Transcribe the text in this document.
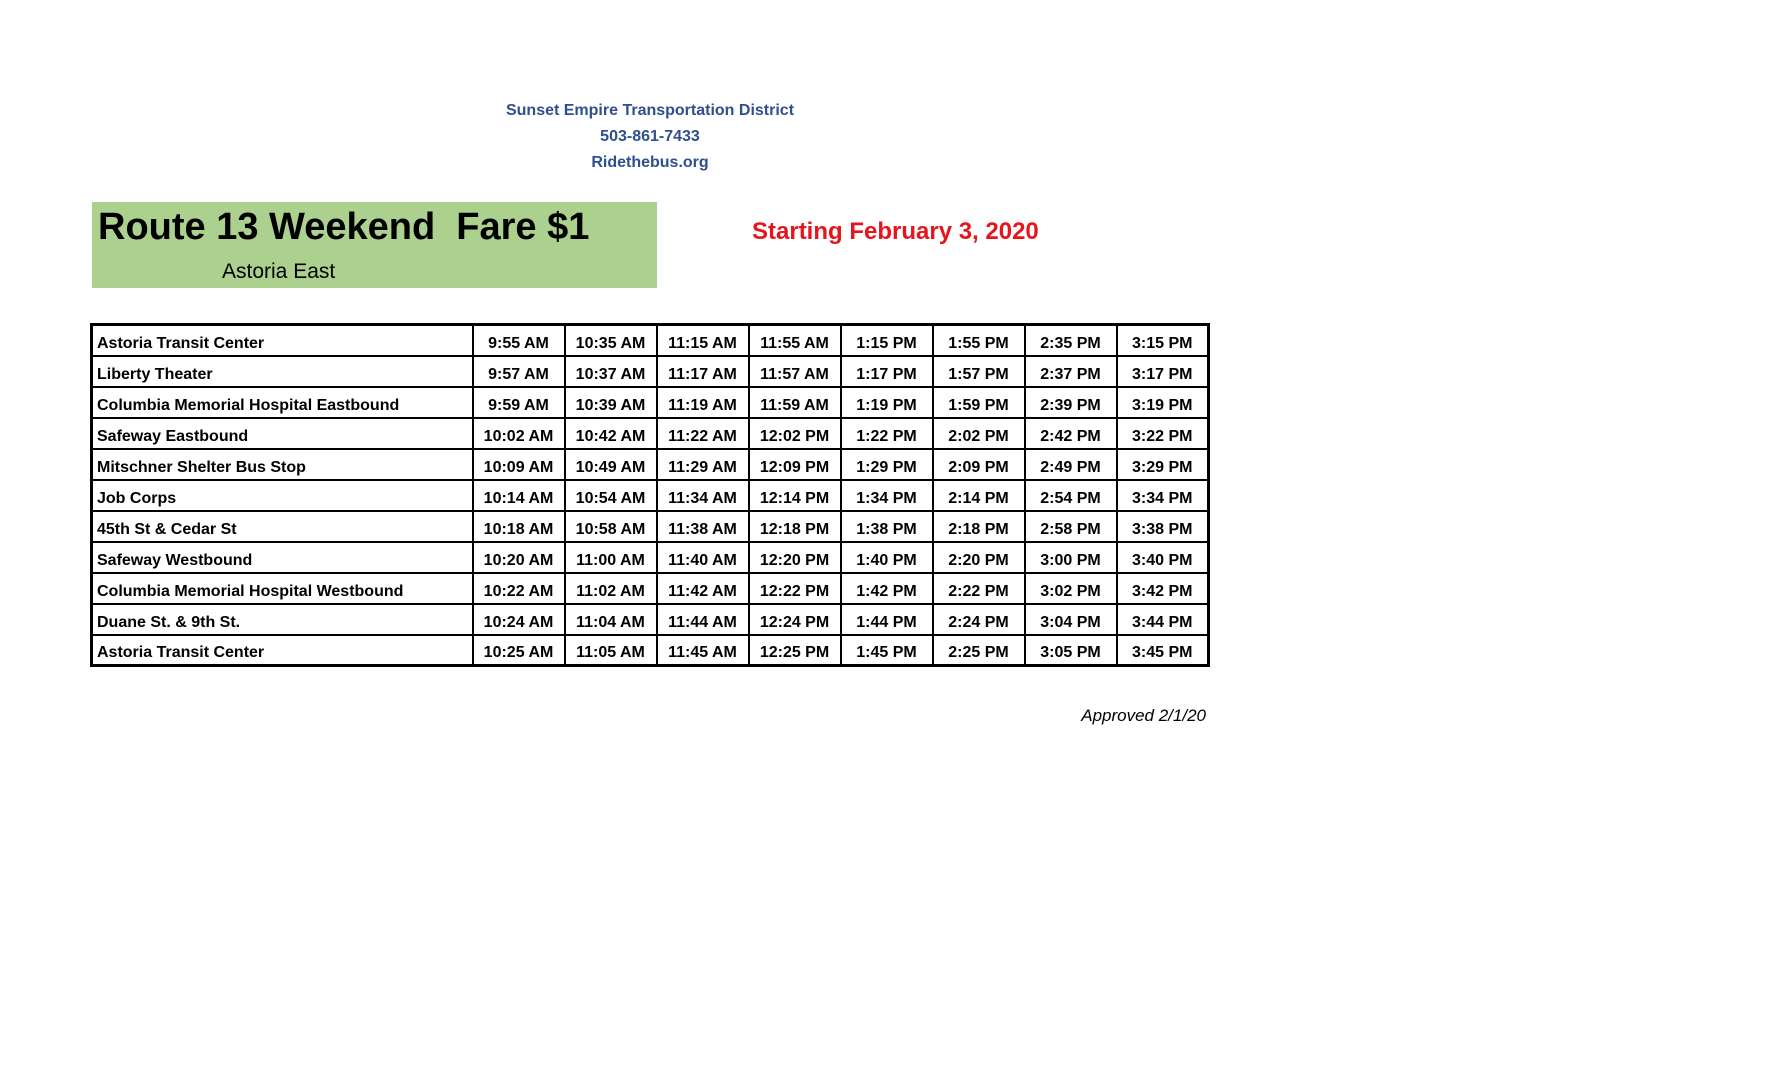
Sunset Empire Transportation District
503-861-7433
Ridethebus.org
Route 13 Weekend  Fare $1
Astoria East
Starting February 3, 2020
Astoria Transit Center	9:55 AM	10:35 AM	11:15 AM	11:55 AM	1:15 PM	1:55 PM	2:35 PM	3:15 PM
Liberty Theater	9:57 AM	10:37 AM	11:17 AM	11:57 AM	1:17 PM	1:57 PM	2:37 PM	3:17 PM
Columbia Memorial Hospital Eastbound	9:59 AM	10:39 AM	11:19 AM	11:59 AM	1:19 PM	1:59 PM	2:39 PM	3:19 PM
Safeway Eastbound	10:02 AM	10:42 AM	11:22 AM	12:02 PM	1:22 PM	2:02 PM	2:42 PM	3:22 PM
Mitschner Shelter Bus Stop	10:09 AM	10:49 AM	11:29 AM	12:09 PM	1:29 PM	2:09 PM	2:49 PM	3:29 PM
Job Corps	10:14 AM	10:54 AM	11:34 AM	12:14 PM	1:34 PM	2:14 PM	2:54 PM	3:34 PM
45th St & Cedar St	10:18 AM	10:58 AM	11:38 AM	12:18 PM	1:38 PM	2:18 PM	2:58 PM	3:38 PM
Safeway Westbound	10:20 AM	11:00 AM	11:40 AM	12:20 PM	1:40 PM	2:20 PM	3:00 PM	3:40 PM
Columbia Memorial Hospital Westbound	10:22 AM	11:02 AM	11:42 AM	12:22 PM	1:42 PM	2:22 PM	3:02 PM	3:42 PM
Duane St. & 9th St.	10:24 AM	11:04 AM	11:44 AM	12:24 PM	1:44 PM	2:24 PM	3:04 PM	3:44 PM
Astoria Transit Center	10:25 AM	11:05 AM	11:45 AM	12:25 PM	1:45 PM	2:25 PM	3:05 PM	3:45 PM
Approved 2/1/20
